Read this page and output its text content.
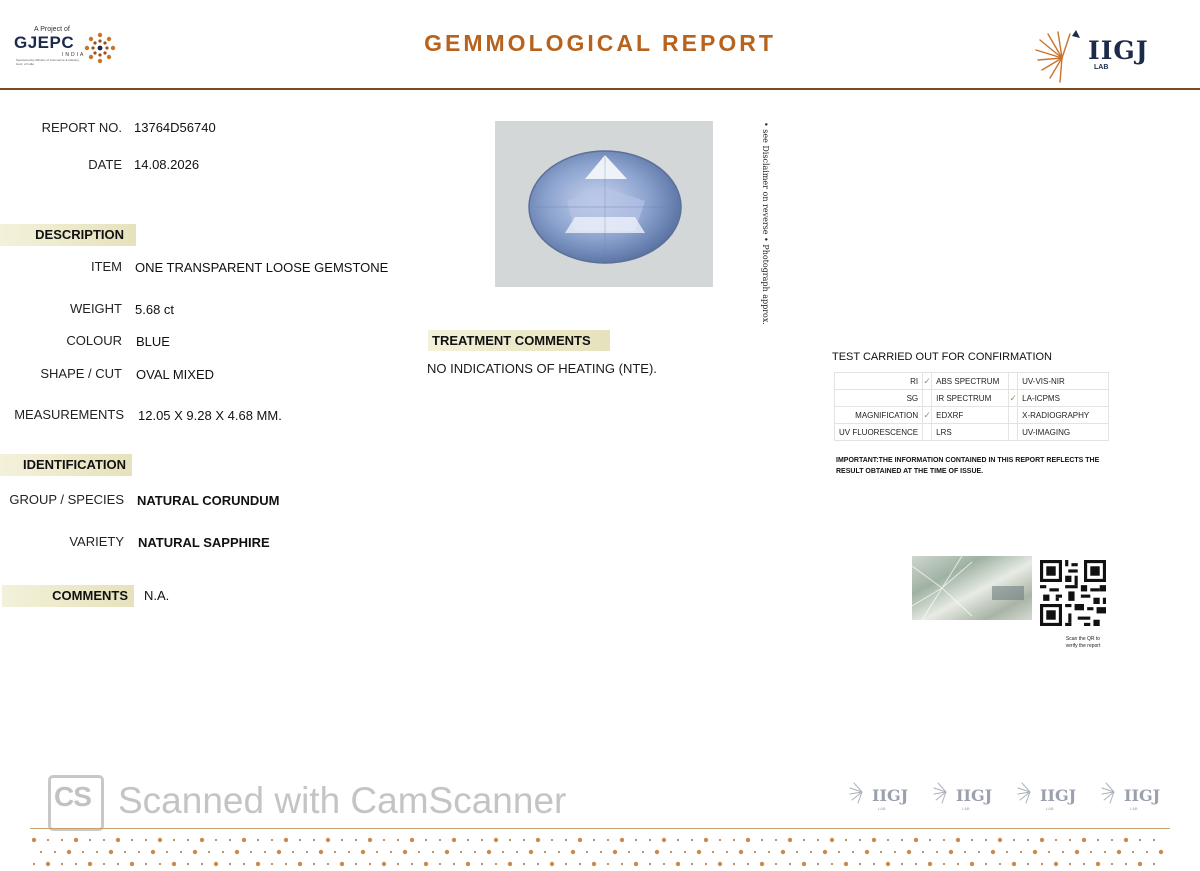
A Project of
GJEPC
INDIA
Sponsored by Ministry of Commerce & Industry, Govt. of India
GEMMOLOGICAL REPORT	IIGJ
LAB
REPORT NO. 13764D56740
DATE 14.08.2026
DESCRIPTION
ITEM ONE TRANSPARENT LOOSE GEMSTONE
WEIGHT 5.68 ct
COLOUR BLUE
SHAPE / CUT OVAL MIXED
MEASUREMENTS 12.05 X 9.28 X 4.68 MM.
IDENTIFICATION
GROUP / SPECIES NATURAL CORUNDUM
VARIETY NATURAL SAPPHIRE
COMMENTS	N.A.
• see Disclaimer on reverse • Photograph approx.
TREATMENT COMMENTS
NO INDICATIONS OF HEATING (NTE).
TEST CARRIED OUT FOR CONFIRMATION
RI	✓	ABS SPECTRUM		UV-VIS-NIR
SG		IR SPECTRUM	✓	LA-ICPMS
MAGNIFICATION	✓	EDXRF		X-RADIOGRAPHY
UV FLUORESCENCE		LRS		UV-IMAGING
IMPORTANT:THE INFORMATION CONTAINED IN THIS REPORT REFLECTS THE RESULT OBTAINED AT THE TIME OF ISSUE.
Scan the QR to
verify the report
CS Scanned with CamScanner	IIGJ
LAB
IIGJ
LAB
IIGJ
LAB
IIGJ
LAB
